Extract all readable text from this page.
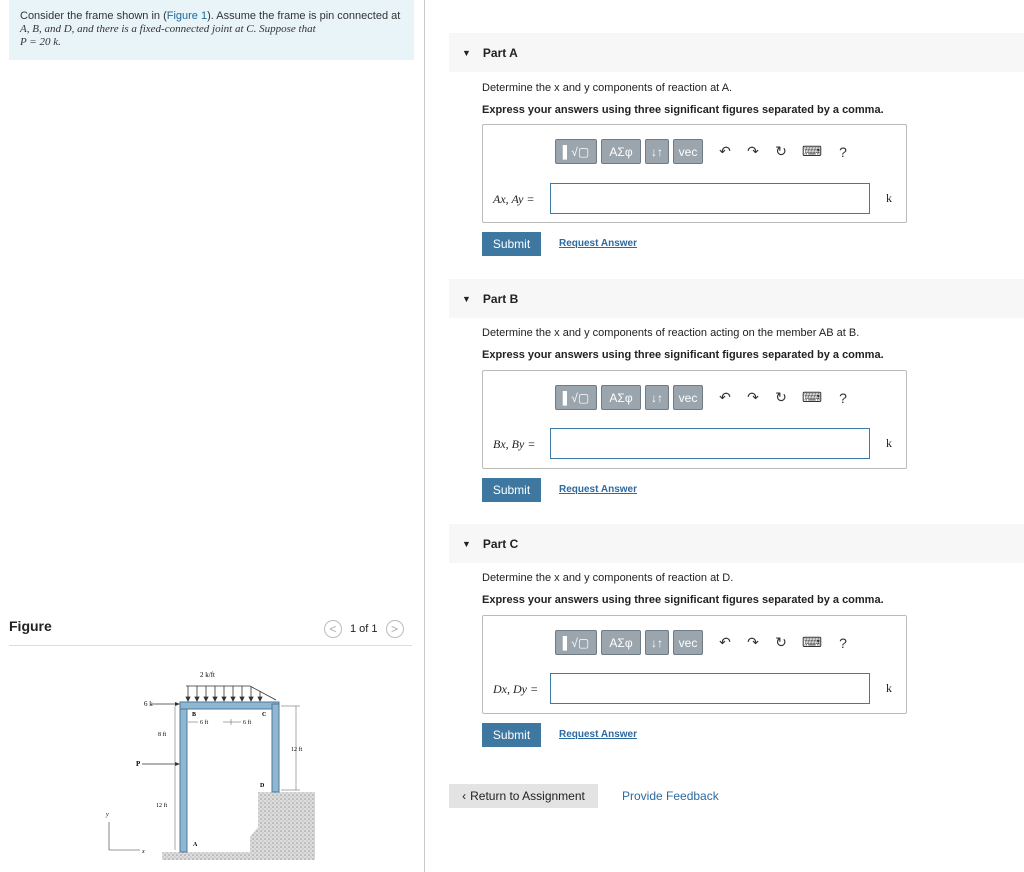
Consider the frame shown in (Figure 1). Assume the frame is pin connected at
A, B, and D, and there is a fixed-connected joint at C. Suppose that
P = 20 k.
Figure	<	1 of 1	>
2 k/ft
6 k
P
8 ft
12 ft
6 ft	6 ft
12 ft
B	C
D
A
y
x
▼ Part A
Determine the x and y components of reaction at A.
Express your answers using three significant figures separated by a comma.
▌√▢	ΑΣφ	↓↑	vec	↶ ↷ ↻ ⌨	?
Ax, Ay =	k
Submit	Request Answer
▼ Part B
Determine the x and y components of reaction acting on the member AB at B.
Express your answers using three significant figures separated by a comma.
▌√▢	ΑΣφ	↓↑	vec	↶ ↷ ↻ ⌨	?
Bx, By =	k
Submit	Request Answer
▼ Part C
Determine the x and y components of reaction at D.
Express your answers using three significant figures separated by a comma.
▌√▢	ΑΣφ	↓↑	vec	↶ ↷ ↻ ⌨	?
Dx, Dy =	k
Submit	Request Answer
‹ Return to Assignment	Provide Feedback
